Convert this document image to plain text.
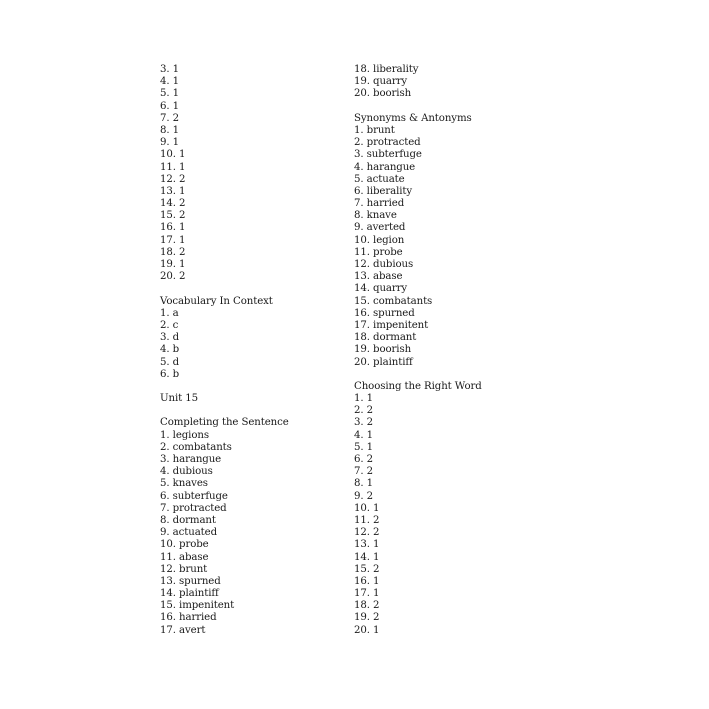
3. 1
4. 1
5. 1
6. 1
7. 2
8. 1
9. 1
10. 1
11. 1
12. 2
13. 1
14. 2
15. 2
16. 1
17. 1
18. 2
19. 1
20. 2
Vocabulary In Context
1. a
2. c
3. d
4. b
5. d
6. b
Unit 15
Completing the Sentence
1. legions
2. combatants
3. harangue
4. dubious
5. knaves
6. subterfuge
7. protracted
8. dormant
9. actuated
10. probe
11. abase
12. brunt
13. spurned
14. plaintiff
15. impenitent
16. harried
17. avert
18. liberality
19. quarry
20. boorish
Synonyms & Antonyms
1. brunt
2. protracted
3. subterfuge
4. harangue
5. actuate
6. liberality
7. harried
8. knave
9. averted
10. legion
11. probe
12. dubious
13. abase
14. quarry
15. combatants
16. spurned
17. impenitent
18. dormant
19. boorish
20. plaintiff
Choosing the Right Word
1. 1
2. 2
3. 2
4. 1
5. 1
6. 2
7. 2
8. 1
9. 2
10. 1
11. 2
12. 2
13. 1
14. 1
15. 2
16. 1
17. 1
18. 2
19. 2
20. 1
